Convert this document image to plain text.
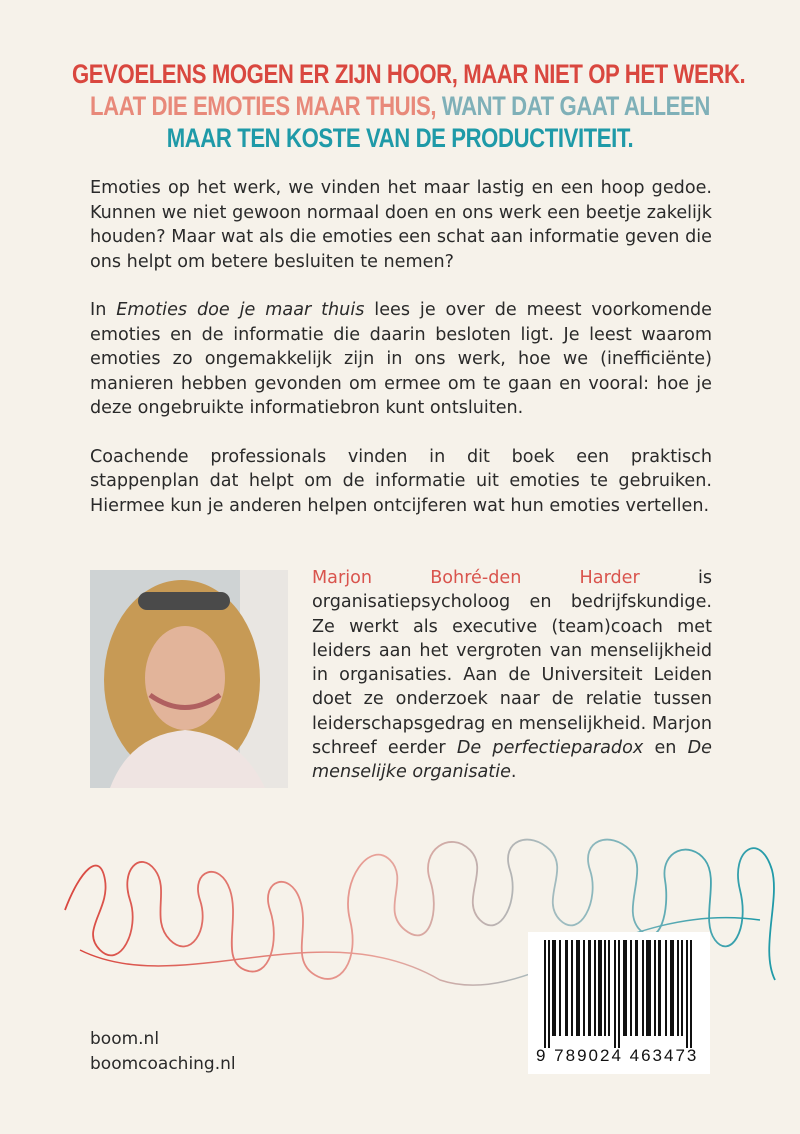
GEVOELENS MOGEN ER ZIJN HOOR, MAAR NIET OP HET WERK.
LAAT DIE EMOTIES MAAR THUIS, WANT DAT GAAT ALLEEN
MAAR TEN KOSTE VAN DE PRODUCTIVITEIT.

Emoties op het werk, we vinden het maar lastig en een hoop gedoe. Kunnen we niet gewoon normaal doen en ons werk een beetje zakelijk houden? Maar wat als die emoties een schat aan informatie geven die ons helpt om betere besluiten te nemen?

In Emoties doe je maar thuis lees je over de meest voorkomende emoties en de informatie die daarin besloten ligt. Je leest waarom emoties zo ongemakkelijk zijn in ons werk, hoe we (inefficiënte) manieren hebben gevonden om ermee om te gaan en vooral: hoe je deze ongebruikte informatiebron kunt ontsluiten.

Coachende professionals vinden in dit boek een praktisch stappenplan dat helpt om de informatie uit emoties te gebruiken. Hiermee kun je anderen helpen ontcijferen wat hun emoties vertellen.

Marjon Bohré-den Harder is organisatiepsycholoog en bedrijfskundige. Ze werkt als executive (team)coach met leiders aan het vergroten van menselijkheid in organisaties. Aan de Universiteit Leiden doet ze onderzoek naar de relatie tussen leiderschapsgedrag en menselijkheid. Marjon schreef eerder De perfectieparadox en De menselijke organisatie.
9 789024 463473
boom.nl
boomcoaching.nl
